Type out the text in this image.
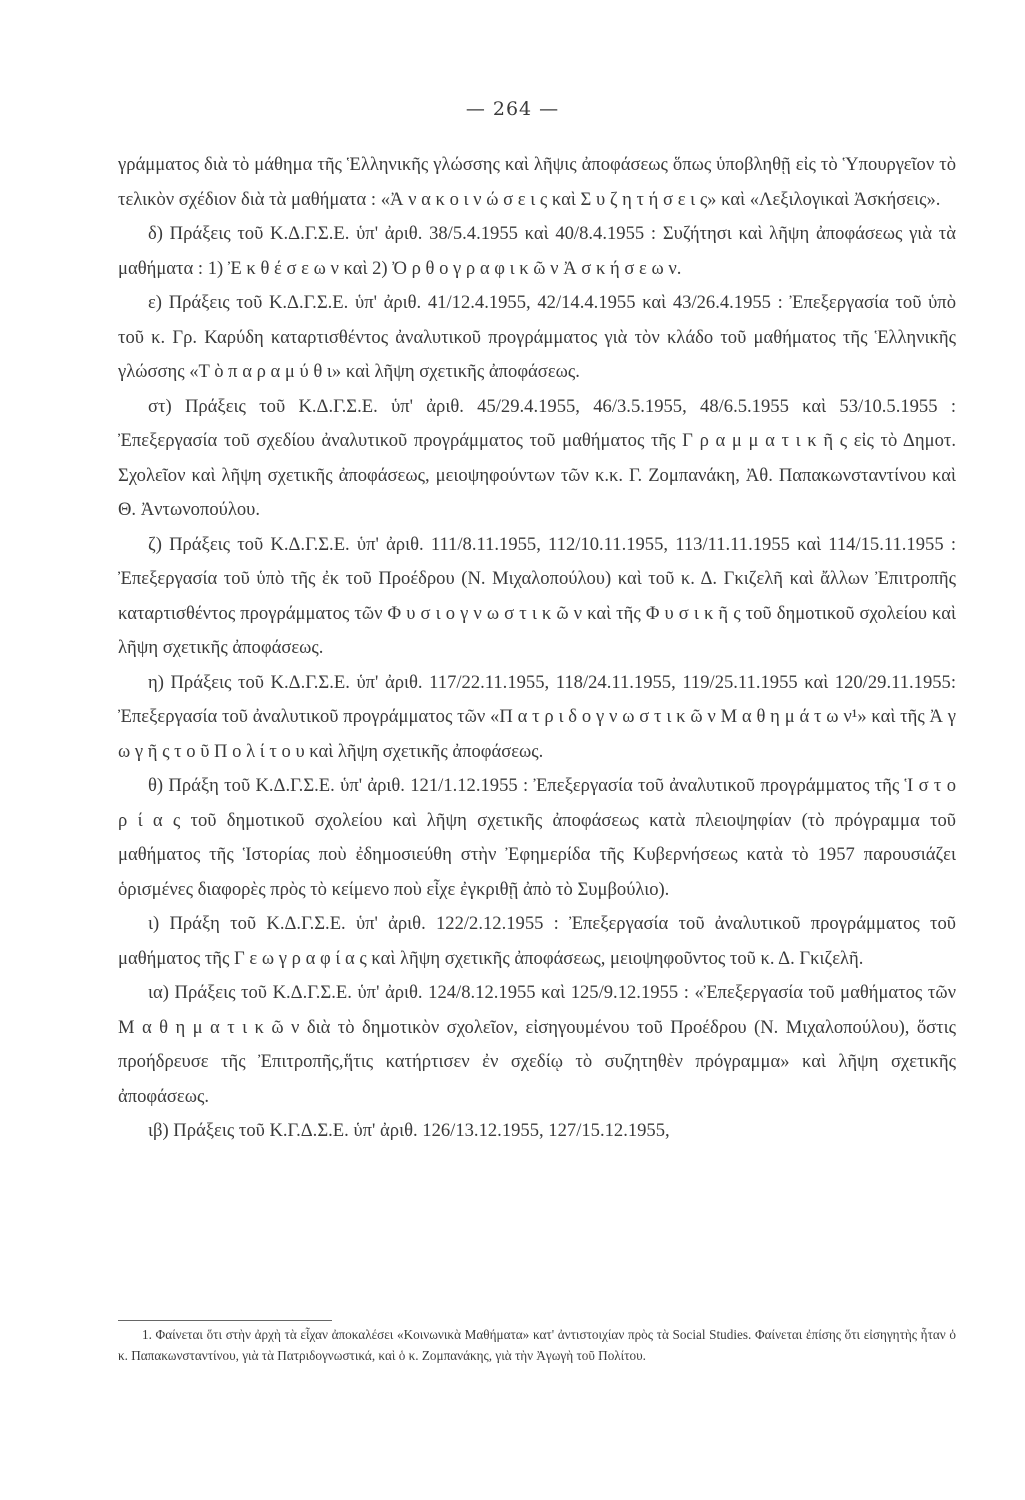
— 264 —

γράμματος διὰ τὸ μάθημα τῆς Ἑλληνικῆς γλώσσης καὶ λῆψις ἀποφάσεως ὅπως ὑποβληθῇ εἰς τὸ Ὑπουργεῖον τὸ τελικὸν σχέδιον διὰ τὰ μαθήματα : «Ἀ ν α κ ο ι ν ώ σ ε ι ς καὶ Σ υ ζ η τ ή σ ε ι ς» καὶ «Λεξιλογικαὶ Ἀσκήσεις».

δ) Πράξεις τοῦ Κ.Δ.Γ.Σ.Ε. ὑπ' ἀριθ. 38/5.4.1955 καὶ 40/8.4.1955 : Συζήτησι καὶ λῆψη ἀποφάσεως γιὰ τὰ μαθήματα : 1) Ἐ κ θ έ σ ε ω ν καὶ 2) Ὀ ρ θ ο γ ρ α φ ι κ ῶ ν Ἀ σ κ ή σ ε ω ν.

ε) Πράξεις τοῦ Κ.Δ.Γ.Σ.Ε. ὑπ' ἀριθ. 41/12.4.1955, 42/14.4.1955 καὶ 43/26.4.1955 : Ἐπεξεργασία τοῦ ὑπὸ τοῦ κ. Γρ. Καρύδη καταρτισθέντος ἀναλυτικοῦ προγράμματος γιὰ τὸν κλάδο τοῦ μαθήματος τῆς Ἑλληνικῆς γλώσσης «Τ ὸ π α ρ α μ ύ θ ι» καὶ λῆψη σχετικῆς ἀποφάσεως.

στ) Πράξεις τοῦ Κ.Δ.Γ.Σ.Ε. ὑπ' ἀριθ. 45/29.4.1955, 46/3.5.1955, 48/6.5.1955 καὶ 53/10.5.1955 : Ἐπεξεργασία τοῦ σχεδίου ἀναλυτικοῦ προγράμματος τοῦ μαθήματος τῆς Γ ρ α μ μ α τ ι κ ῆ ς εἰς τὸ Δημοτ. Σχολεῖον καὶ λῆψη σχετικῆς ἀποφάσεως, μειοψηφούντων τῶν κ.κ. Γ. Ζομπανάκη, Ἀθ. Παπακωνσταντίνου καὶ Θ. Ἀντωνοπούλου.

ζ) Πράξεις τοῦ Κ.Δ.Γ.Σ.Ε. ὑπ' ἀριθ. 111/8.11.1955, 112/10.11.1955, 113/11.11.1955 καὶ 114/15.11.1955 : Ἐπεξεργασία τοῦ ὑπὸ τῆς ἐκ τοῦ Προέδρου (Ν. Μιχαλοπούλου) καὶ τοῦ κ. Δ. Γκιζελῆ καὶ ἄλλων Ἐπιτροπῆς καταρτισθέντος προγράμματος τῶν Φ υ σ ι ο γ ν ω σ τ ι κ ῶ ν καὶ τῆς Φ υ σ ι κ ῆ ς τοῦ δημοτικοῦ σχολείου καὶ λῆψη σχετικῆς ἀποφάσεως.

η) Πράξεις τοῦ Κ.Δ.Γ.Σ.Ε. ὑπ' ἀριθ. 117/22.11.1955, 118/24.11.1955, 119/25.11.1955 καὶ 120/29.11.1955: Ἐπεξεργασία τοῦ ἀναλυτικοῦ προγράμματος τῶν «Π α τ ρ ι δ ο γ ν ω σ τ ι κ ῶ ν Μ α θ η μ ά τ ω ν¹» καὶ τῆς Ἀ γ ω γ ῆ ς τ ο ῦ Π ο λ ί τ ο υ καὶ λῆψη σχετικῆς ἀποφάσεως.

θ) Πράξη τοῦ Κ.Δ.Γ.Σ.Ε. ὑπ' ἀριθ. 121/1.12.1955 : Ἐπεξεργασία τοῦ ἀναλυτικοῦ προγράμματος τῆς Ἱ σ τ ο ρ ί α ς τοῦ δημοτικοῦ σχολείου καὶ λῆψη σχετικῆς ἀποφάσεως κατὰ πλειοψηφίαν (τὸ πρόγραμμα τοῦ μαθήματος τῆς Ἱστορίας ποὺ ἐδημοσιεύθη στὴν Ἐφημερίδα τῆς Κυβερνήσεως κατὰ τὸ 1957 παρουσιάζει ὁρισμένες διαφορὲς πρὸς τὸ κείμενο ποὺ εἶχε ἐγκριθῇ ἀπὸ τὸ Συμβούλιο).

ι) Πράξη τοῦ Κ.Δ.Γ.Σ.Ε. ὑπ' ἀριθ. 122/2.12.1955 : Ἐπεξεργασία τοῦ ἀναλυτικοῦ προγράμματος τοῦ μαθήματος τῆς Γ ε ω γ ρ α φ ί α ς καὶ λῆψη σχετικῆς ἀποφάσεως, μειοψηφοῦντος τοῦ κ. Δ. Γκιζελῆ.

ια) Πράξεις τοῦ Κ.Δ.Γ.Σ.Ε. ὑπ' ἀριθ. 124/8.12.1955 καὶ 125/9.12.1955 : «Ἐπεξεργασία τοῦ μαθήματος τῶν Μ α θ η μ α τ ι κ ῶ ν διὰ τὸ δημοτικὸν σχολεῖον, εἰσηγουμένου τοῦ Προέδρου (Ν. Μιχαλοπούλου), ὅστις προήδρευσε τῆς Ἐπιτροπῆς,ἥτις κατήρτισεν ἐν σχεδίῳ τὸ συζητηθὲν πρόγραμμα» καὶ λῆψη σχετικῆς ἀποφάσεως.

ιβ) Πράξεις τοῦ Κ.Γ.Δ.Σ.Ε. ὑπ' ἀριθ. 126/13.12.1955, 127/15.12.1955,

1. Φαίνεται ὅτι στὴν ἀρχὴ τὰ εἶχαν ἀποκαλέσει «Κοινωνικὰ Μαθήματα» κατ' ἀντιστοιχίαν πρὸς τὰ Social Studies. Φαίνεται ἐπίσης ὅτι εἰσηγητὴς ἦταν ὁ κ. Παπακωνσταντίνου, γιὰ τὰ Πατριδογνωστικά, καὶ ὁ κ. Ζομπανάκης, γιὰ τὴν Ἀγωγὴ τοῦ Πολίτου.
